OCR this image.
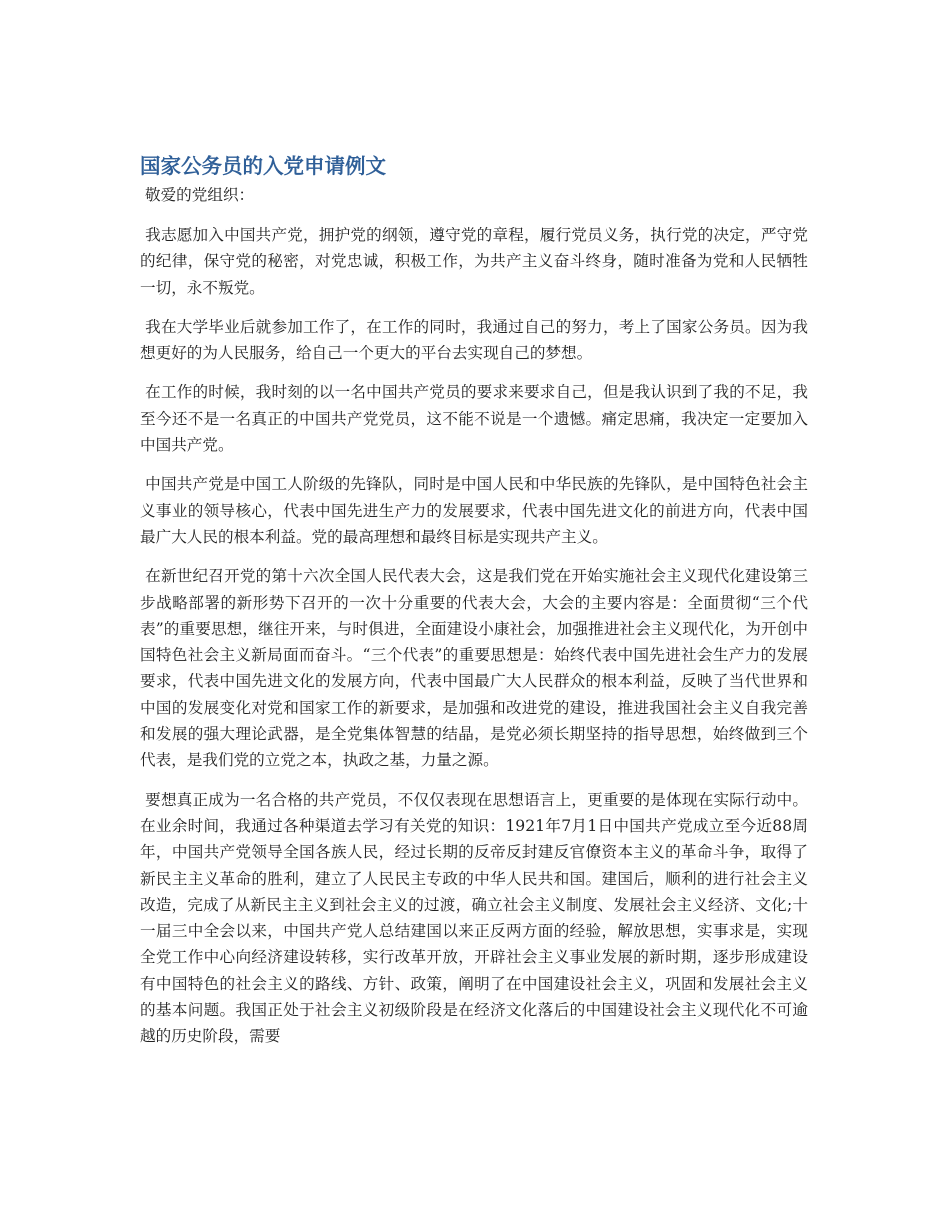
国家公务员的入党申请例文

敬爱的党组织：

我志愿加入中国共产党，拥护党的纲领，遵守党的章程，履行党员义务，执行党的决定，严守党的纪律，保守党的秘密，对党忠诚，积极工作，为共产主义奋斗终身，随时准备为党和人民牺牲一切，永不叛党。

我在大学毕业后就参加工作了，在工作的同时，我通过自己的努力，考上了国家公务员。因为我想更好的为人民服务，给自己一个更大的平台去实现自己的梦想。

在工作的时候，我时刻的以一名中国共产党员的要求来要求自己，但是我认识到了我的不足，我至今还不是一名真正的中国共产党党员，这不能不说是一个遗憾。痛定思痛，我决定一定要加入中国共产党。

中国共产党是中国工人阶级的先锋队，同时是中国人民和中华民族的先锋队，是中国特色社会主义事业的领导核心，代表中国先进生产力的发展要求，代表中国先进文化的前进方向，代表中国最广大人民的根本利益。党的最高理想和最终目标是实现共产主义。

在新世纪召开党的第十六次全国人民代表大会，这是我们党在开始实施社会主义现代化建设第三步战略部署的新形势下召开的一次十分重要的代表大会，大会的主要内容是：全面贯彻“三个代表”的重要思想，继往开来，与时俱进，全面建设小康社会，加强推进社会主义现代化，为开创中国特色社会主义新局面而奋斗。“三个代表”的重要思想是：始终代表中国先进社会生产力的发展要求，代表中国先进文化的发展方向，代表中国最广大人民群众的根本利益，反映了当代世界和中国的发展变化对党和国家工作的新要求，是加强和改进党的建设，推进我国社会主义自我完善和发展的强大理论武器，是全党集体智慧的结晶，是党必须长期坚持的指导思想，始终做到三个代表，是我们党的立党之本，执政之基，力量之源。

要想真正成为一名合格的共产党员，不仅仅表现在思想语言上，更重要的是体现在实际行动中。在业余时间，我通过各种渠道去学习有关党的知识：1921年7月1日中国共产党成立至今近88周年，中国共产党领导全国各族人民，经过长期的反帝反封建反官僚资本主义的革命斗争，取得了新民主主义革命的胜利，建立了人民民主专政的中华人民共和国。建国后，顺利的进行社会主义改造，完成了从新民主主义到社会主义的过渡，确立社会主义制度、发展社会主义经济、文化;十一届三中全会以来，中国共产党人总结建国以来正反两方面的经验，解放思想，实事求是，实现全党工作中心向经济建设转移，实行改革开放，开辟社会主义事业发展的新时期，逐步形成建设有中国特色的社会主义的路线、方针、政策，阐明了在中国建设社会主义，巩固和发展社会主义的基本问题。我国正处于社会主义初级阶段是在经济文化落后的中国建设社会主义现代化不可逾越的历史阶段，需要
